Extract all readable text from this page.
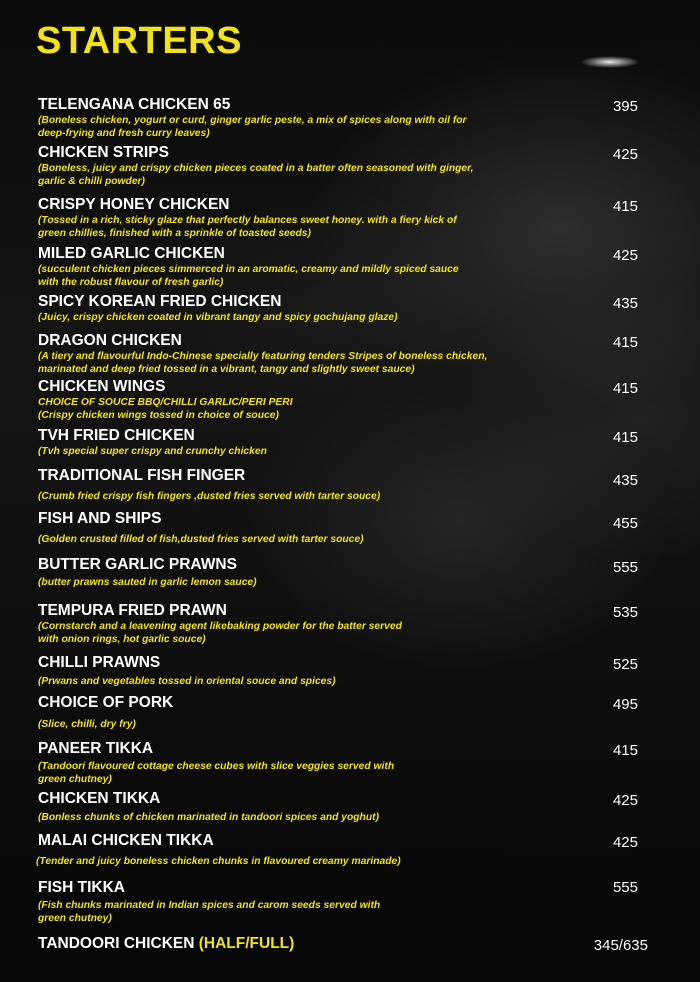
STARTERS
TELENGANA CHICKEN 65
(Boneless chicken, yogurt or curd, ginger garlic peste, a mix of spices along with oil for deep-frying and fresh curry leaves)
395
CHICKEN STRIPS
(Boneless, juicy and crispy chicken pieces coated in a batter often seasoned with ginger, garlic & chilli powder)
425
CRISPY HONEY CHICKEN
(Tossed in a rich, sticky glaze that perfectly balances sweet honey. with a fiery kick of green chillies, finished with a sprinkle of toasted seeds)
415
MILED GARLIC CHICKEN
(succulent chicken pieces simmerced in an aromatic, creamy and mildly spiced sauce with the robust flavour of fresh garlic)
425
SPICY KOREAN FRIED CHICKEN
(Juicy, crispy chicken coated in vibrant tangy and spicy gochujang glaze)
435
DRAGON CHICKEN
(A tiery and flavourful Indo-Chinese specially featuring tenders Stripes of boneless chicken, marinated and deep fried tossed in a vibrant, tangy and slightly sweet sauce)
415
CHICKEN WINGS
CHOICE OF SOUCE BBQ/CHILLI GARLIC/PERI PERI
(Crispy chicken wings tossed in choice of souce)
415
TVH FRIED CHICKEN
(Tvh special super crispy and crunchy chicken
415
TRADITIONAL FISH FINGER
(Crumb fried crispy fish fingers ,dusted fries served with tarter souce)
435
FISH AND SHIPS
(Golden crusted filled of fish,dusted fries served with tarter souce)
455
BUTTER GARLIC PRAWNS
(butter prawns sauted in garlic lemon sauce)
555
TEMPURA FRIED PRAWN
(Cornstarch and a leavening agent likebaking powder for the batter served with onion rings, hot garlic souce)
535
CHILLI PRAWNS
(Prwans and vegetables tossed in oriental souce and spices)
525
CHOICE OF PORK
(Slice, chilli, dry fry)
495
PANEER TIKKA
(Tandoori flavoured cottage cheese cubes with slice veggies served with green chutney)
415
CHICKEN TIKKA
(Bonless chunks of chicken marinated in tandoori spices and yoghut)
425
MALAI CHICKEN TIKKA
(Tender and juicy boneless chicken chunks in flavoured creamy marinade)
425
FISH TIKKA
(Fish chunks marinated in Indian spices and carom seeds served with green chutney)
555
TANDOORI CHICKEN (HALF/FULL)	345/635
